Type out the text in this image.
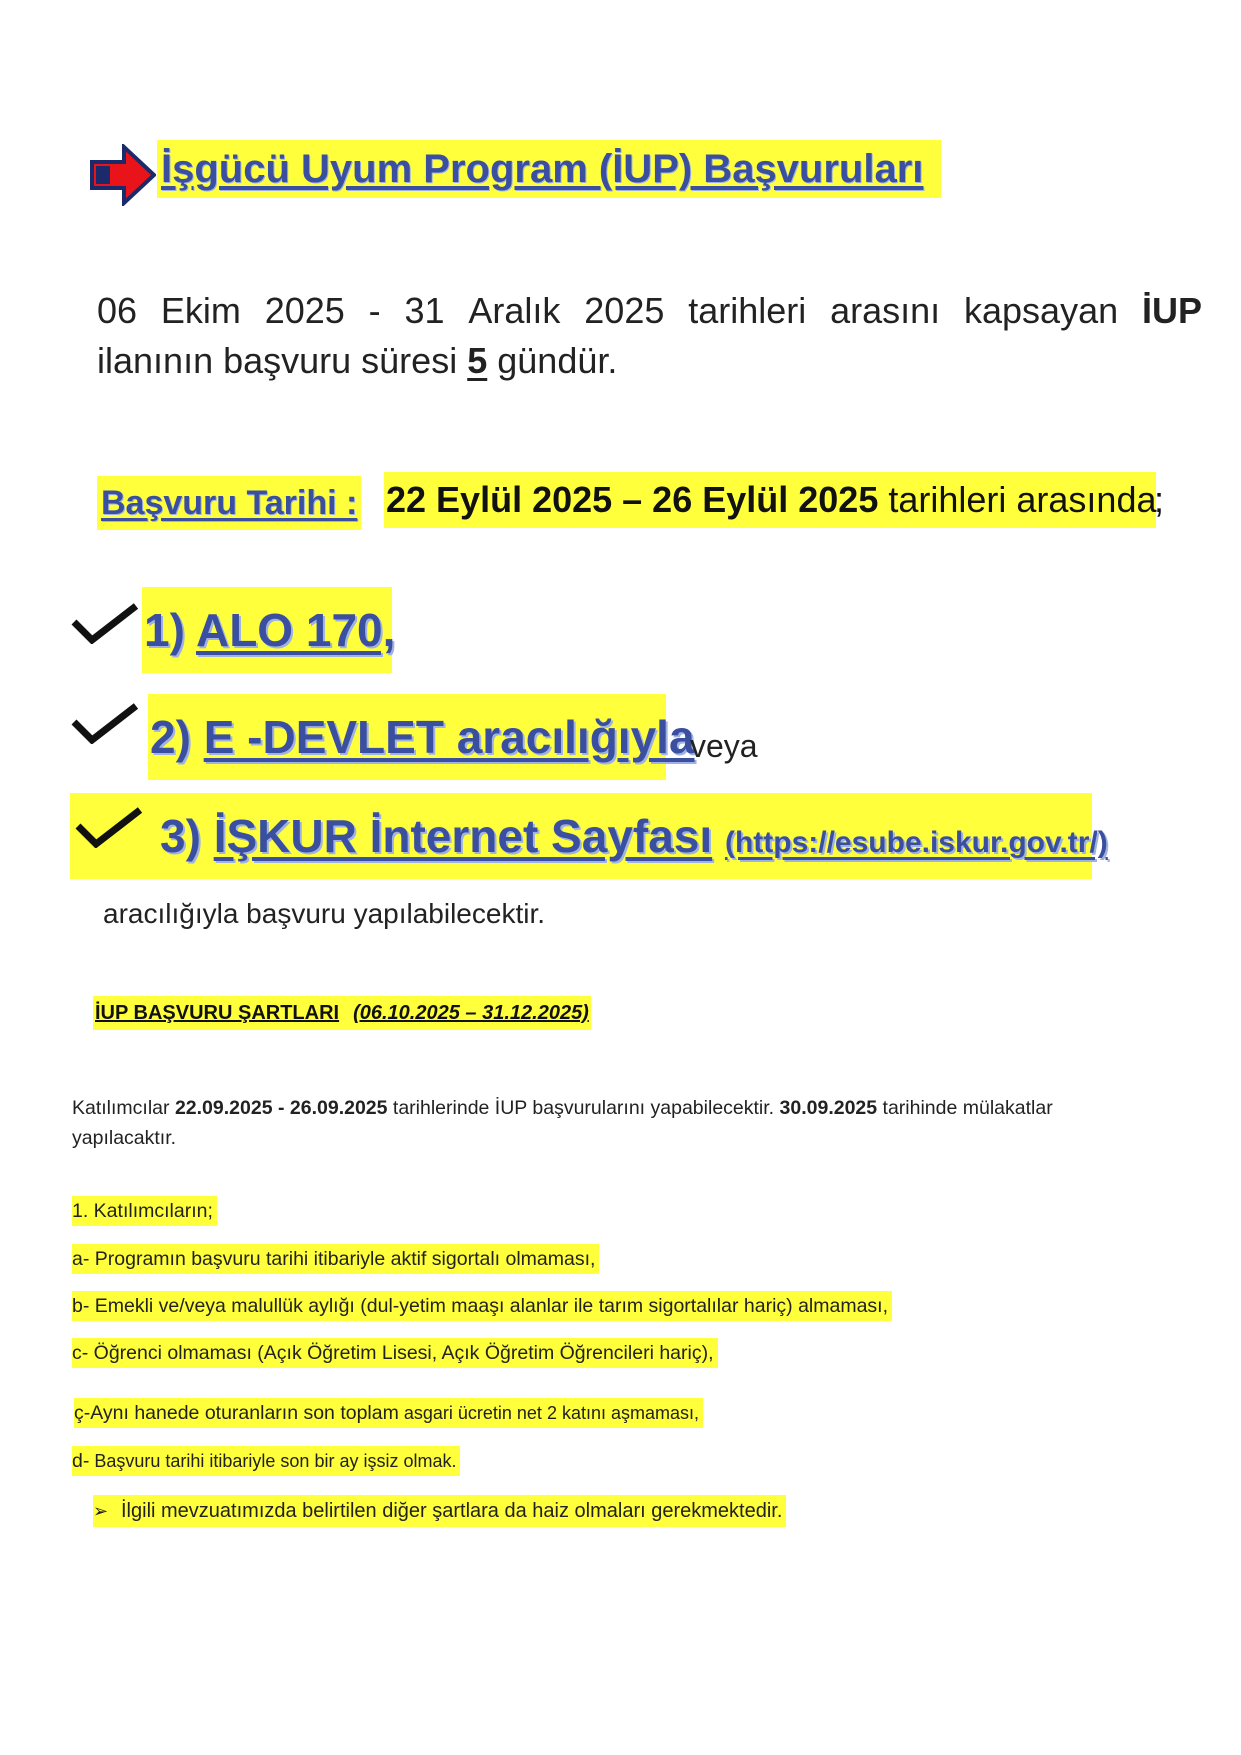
İşgücü Uyum Program (İUP) Başvuruları
06 Ekim 2025 - 31 Aralık 2025 tarihleri arasını kapsayan İUP
ilanının başvuru süresi 5 gündür.
Başvuru Tarihi : 22 Eylül 2025 – 26 Eylül 2025 tarihleri arasında
;
1) ALO 170,
2) E -DEVLET aracılığıyla
veya
3) İŞKUR İnternet Sayfası (https://esube.iskur.gov.tr/)
aracılığıyla başvuru yapılabilecektir.
İUP BAŞVURU ŞARTLARI (06.10.2025 – 31.12.2025)
Katılımcılar 22.09.2025 - 26.09.2025 tarihlerinde İUP başvurularını yapabilecektir. 30.09.2025 tarihinde mülakatlar yapılacaktır.
1. Katılımcıların;
a- Programın başvuru tarihi itibariyle aktif sigortalı olmaması,
b- Emekli ve/veya malullük aylığı (dul-yetim maaşı alanlar ile tarım sigortalılar hariç) almaması,
c- Öğrenci olmaması (Açık Öğretim Lisesi, Açık Öğretim Öğrencileri hariç),
ç-Aynı hanede oturanların son toplam asgari ücretin net 2 katını aşmaması,
d- Başvuru tarihi itibariyle son bir ay işsiz olmak.
➢ İlgili mevzuatımızda belirtilen diğer şartlara da haiz olmaları gerekmektedir.
